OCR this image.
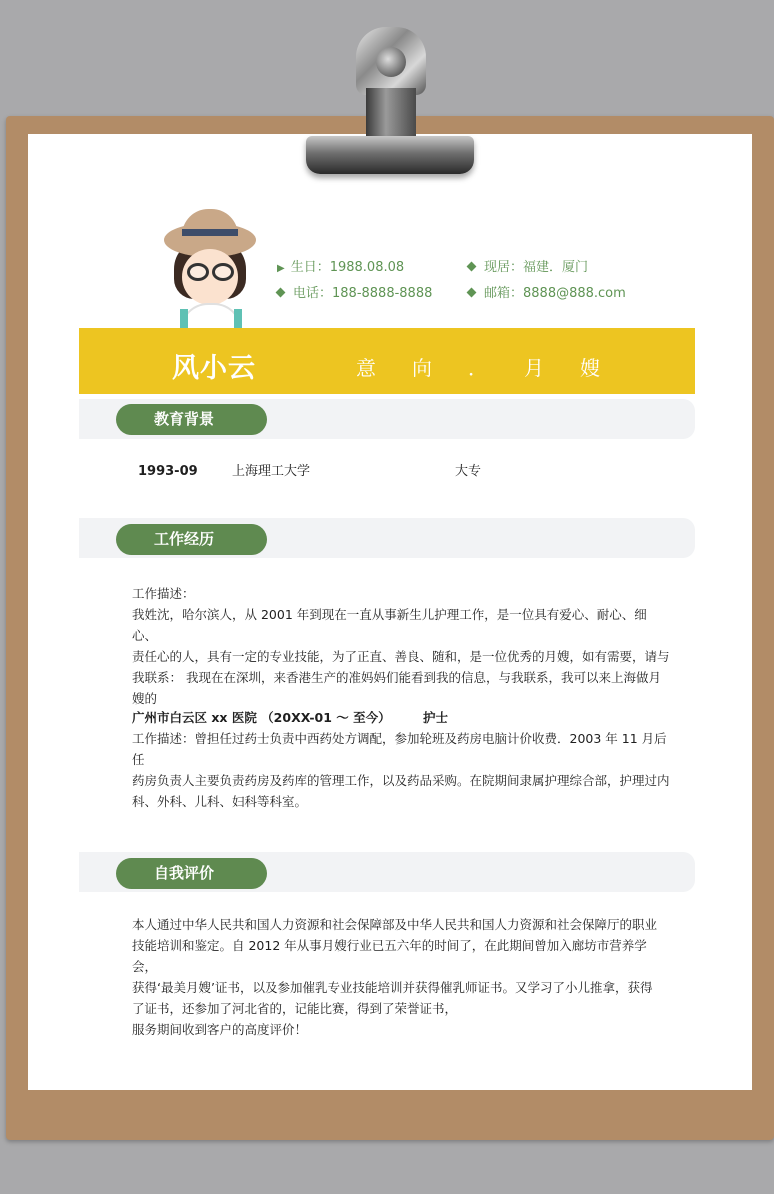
▶ 生日：1988.08.08	现居：福建．厦门
电话：188-8888-8888	邮箱：8888@888.com
风小云	意向．月嫂
教育背景
1993-09	上海理工大学	大专
工作经历
工作描述：
我姓沈，哈尔滨人，从 2001 年到现在一直从事新生儿护理工作，是一位具有爱心、耐心、细心、
责任心的人，具有一定的专业技能，为了正直、善良、随和，是一位优秀的月嫂，如有需要，请与
我联系： 我现在在深圳，来香港生产的准妈妈们能看到我的信息，与我联系，我可以来上海做月
嫂的
广州市白云区 xx 医院 （20XX-01 ～ 至今）	护士
工作描述：曾担任过药士负责中西药处方调配，参加轮班及药房电脑计价收费．2003 年 11 月后任
药房负责人主要负责药房及药库的管理工作，以及药品采购。在院期间隶属护理综合部，护理过内
科、外科、儿科、妇科等科室。
自我评价
本人通过中华人民共和国人力资源和社会保障部及中华人民共和国人力资源和社会保障厅的职业
技能培训和鉴定。自 2012 年从事月嫂行业已五六年的时间了，在此期间曾加入廊坊市营养学会，
获得‘最美月嫂’证书，以及参加催乳专业技能培训并获得催乳师证书。又学习了小儿推拿，获得
了证书，还参加了河北省的，记能比赛，得到了荣誉证书，
服务期间收到客户的高度评价！
